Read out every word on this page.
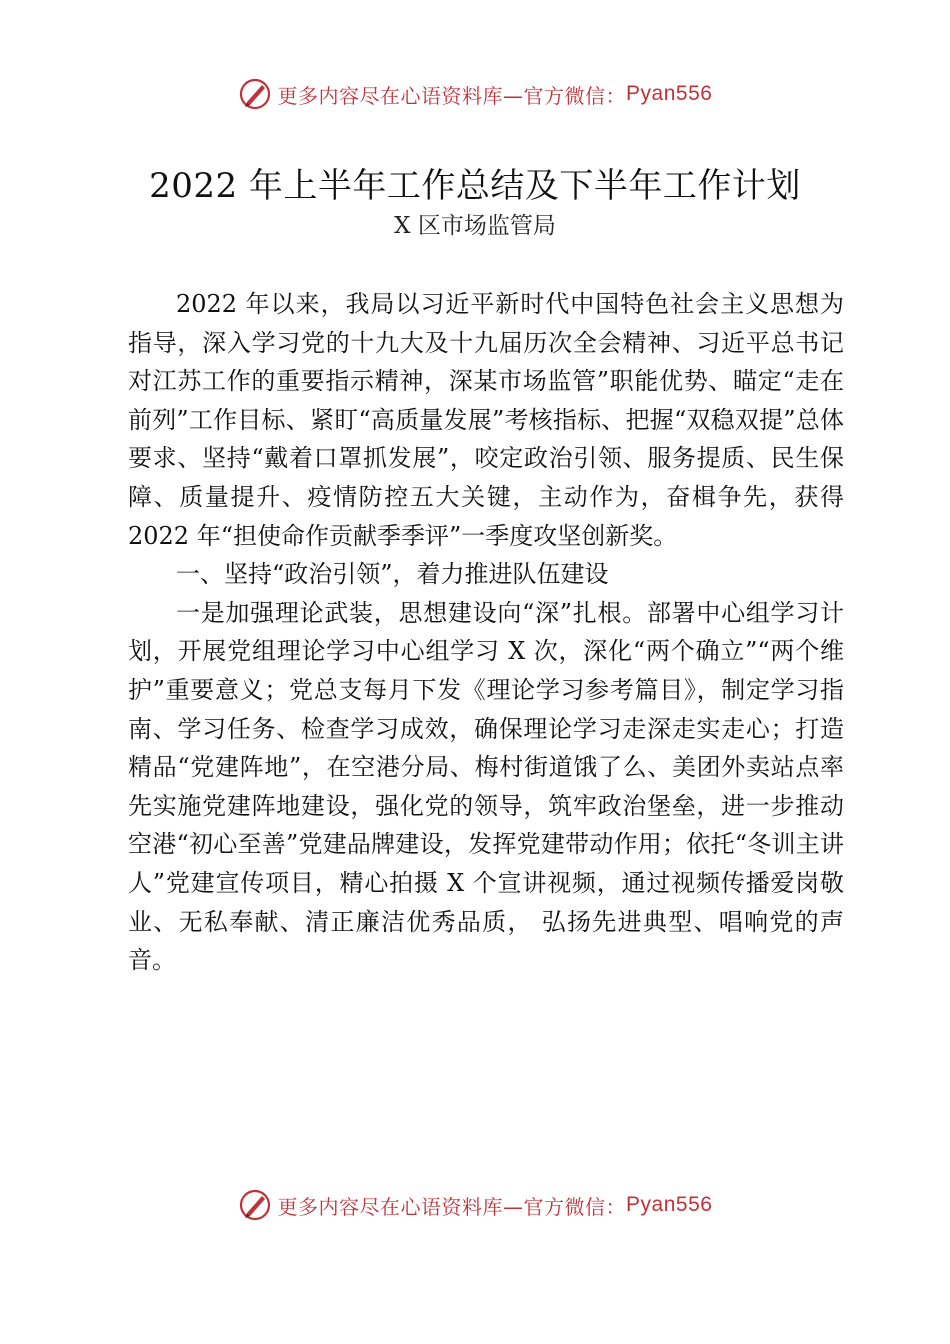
更多内容尽在心语资料库—官方微信： Pyan556
2022 年上半年工作总结及下半年工作计划
X 区市场监管局

2022 年以来，我局以习近平新时代中国特色社会主义思想为指导，深入学习党的十九大及十九届历次全会精神、习近平总书记对江苏工作的重要指示精神，深某市场监管”职能优势、瞄定“走在前列”工作目标、紧盯“高质量发展”考核指标、把握“双稳双提”总体要求、坚持“戴着口罩抓发展”，咬定政治引领、服务提质、民生保障、质量提升、疫情防控五大关键，主动作为，奋楫争先，获得 2022 年“担使命作贡献季季评”一季度攻坚创新奖。

一、坚持“政治引领”，着力推进队伍建设

一是加强理论武装，思想建设向“深”扎根。部署中心组学习计划，开展党组理论学习中心组学习 X 次，深化“两个确立”“两个维护”重要意义；党总支每月下发《理论学习参考篇目》，制定学习指南、学习任务、检查学习成效，确保理论学习走深走实走心；打造精品“党建阵地”，在空港分局、梅村街道饿了么、美团外卖站点率先实施党建阵地建设，强化党的领导，筑牢政治堡垒，进一步推动空港“初心至善”党建品牌建设，发挥党建带动作用；依托“冬训主讲人”党建宣传项目，精心拍摄 X 个宣讲视频，通过视频传播爱岗敬业、无私奉献、清正廉洁优秀品质， 弘扬先进典型、唱响党的声音。

更多内容尽在心语资料库—官方微信： Pyan556
